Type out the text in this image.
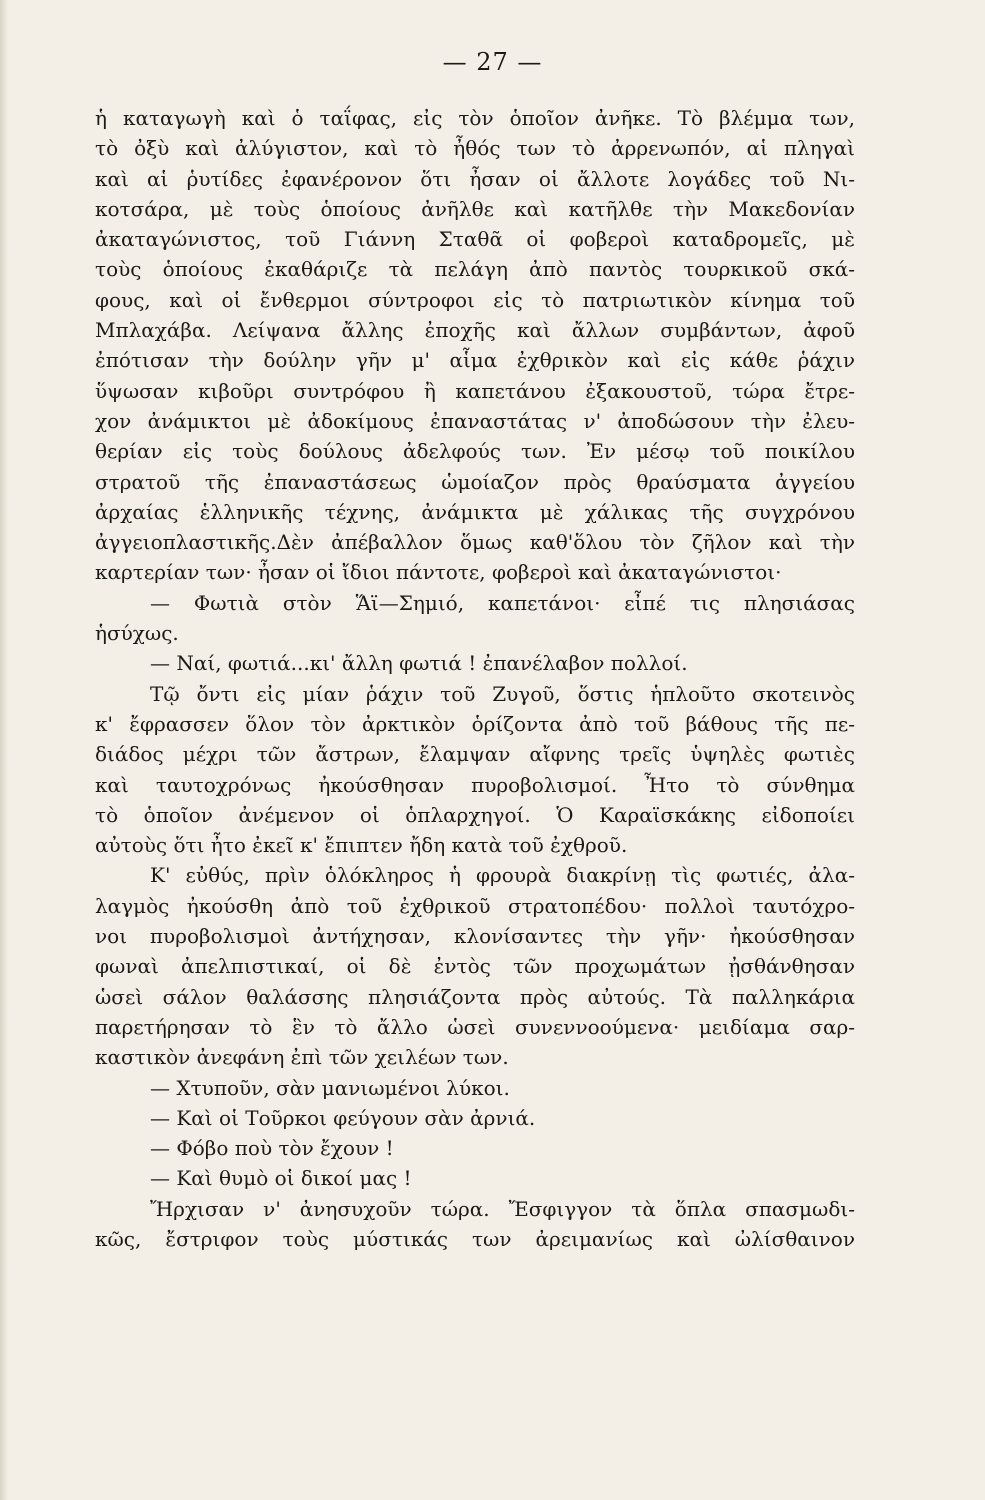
— 27 —
ἡ καταγωγὴ καὶ ὁ ταΐφας, εἰς τὸν ὁποῖον ἀνῆκε. Τὸ βλέμμα των,
τὸ ὀξὺ καὶ ἀλύγιστον, καὶ τὸ ἦθός των τὸ ἀρρενωπόν, αἱ πληγαὶ
καὶ αἱ ῥυτίδες ἐφανέρονον ὅτι ἦσαν οἱ ἄλλοτε λογάδες τοῦ Νι-
κοτσάρα, μὲ τοὺς ὁποίους ἀνῆλθε καὶ κατῆλθε τὴν Μακεδονίαν
ἀκαταγώνιστος, τοῦ Γιάννη Σταθᾶ οἱ φοβεροὶ καταδρομεῖς, μὲ
τοὺς ὁποίους ἐκαθάριζε τὰ πελάγη ἀπὸ παντὸς τουρκικοῦ σκά-
φους, καὶ οἱ ἔνθερμοι σύντροφοι εἰς τὸ πατριωτικὸν κίνημα τοῦ
Μπλαχάβα. Λείψανα ἄλλης ἐποχῆς καὶ ἄλλων συμβάντων, ἀφοῦ
ἐπότισαν τὴν δούλην γῆν μ' αἷμα ἐχθρικὸν καὶ εἰς κάθε ῥάχιν
ὕψωσαν κιβοῦρι συντρόφου ἢ καπετάνου ἐξακουστοῦ, τώρα ἔτρε-
χον ἀνάμικτοι μὲ ἀδοκίμους ἐπαναστάτας ν' ἀποδώσουν τὴν ἐλευ-
θερίαν εἰς τοὺς δούλους ἀδελφούς των. Ἐν μέσῳ τοῦ ποικίλου
στρατοῦ τῆς ἐπαναστάσεως ὡμοίαζον πρὸς θραύσματα ἀγγείου
ἀρχαίας ἑλληνικῆς τέχνης, ἀνάμικτα μὲ χάλικας τῆς συγχρόνου
ἀγγειοπλαστικῆς.Δὲν ἀπέβαλλον ὅμως καθ'ὅλου τὸν ζῆλον καὶ τὴν
καρτερίαν των· ἦσαν οἱ ἴδιοι πάντοτε, φοβεροὶ καὶ ἀκαταγώνιστοι·
— Φωτιὰ στὸν Ἅϊ—Σημιό, καπετάνοι· εἶπέ τις πλησιάσας
ἡσύχως.
— Ναί, φωτιά...κι' ἄλλη φωτιά ! ἐπανέλαβον πολλοί.
Τῷ ὄντι εἰς μίαν ῥάχιν τοῦ Ζυγοῦ, ὅστις ἡπλοῦτο σκοτεινὸς
κ' ἔφρασσεν ὅλον τὸν ἀρκτικὸν ὁρίζοντα ἀπὸ τοῦ βάθους τῆς πε-
διάδος μέχρι τῶν ἄστρων, ἔλαμψαν αἴφνης τρεῖς ὑψηλὲς φωτιὲς
καὶ ταυτοχρόνως ἠκούσθησαν πυροβολισμοί. Ἦτο τὸ σύνθημα
τὸ ὁποῖον ἀνέμενον οἱ ὁπλαρχηγοί. Ὁ Καραϊσκάκης εἰδοποίει
αὐτοὺς ὅτι ἦτο ἐκεῖ κ' ἔπιπτεν ἤδη κατὰ τοῦ ἐχθροῦ.
Κ' εὐθύς, πρὶν ὁλόκληρος ἡ φρουρὰ διακρίνῃ τὶς φωτιές, ἀλα-
λαγμὸς ἠκούσθη ἀπὸ τοῦ ἐχθρικοῦ στρατοπέδου· πολλοὶ ταυτόχρο-
νοι πυροβολισμοὶ ἀντήχησαν, κλονίσαντες τὴν γῆν· ἠκούσθησαν
φωναὶ ἀπελπιστικαί, οἱ δὲ ἐντὸς τῶν προχωμάτων ᾐσθάνθησαν
ὡσεὶ σάλον θαλάσσης πλησιάζοντα πρὸς αὐτούς. Τὰ παλληκάρια
παρετήρησαν τὸ ἓν τὸ ἄλλο ὡσεὶ συνεννοούμενα· μειδίαμα σαρ-
καστικὸν ἀνεφάνη ἐπὶ τῶν χειλέων των.
— Χτυποῦν, σὰν μανιωμένοι λύκοι.
— Καὶ οἱ Τοῦρκοι φεύγουν σὰν ἀρνιά.
— Φόβο ποὺ τὸν ἔχουν !
— Καὶ θυμὸ οἱ δικοί μας !
Ἤρχισαν ν' ἀνησυχοῦν τώρα. Ἔσφιγγον τὰ ὅπλα σπασμωδι-
κῶς, ἔστριφον τοὺς μύστικάς των ἀρειμανίως καὶ ὠλίσθαινον
